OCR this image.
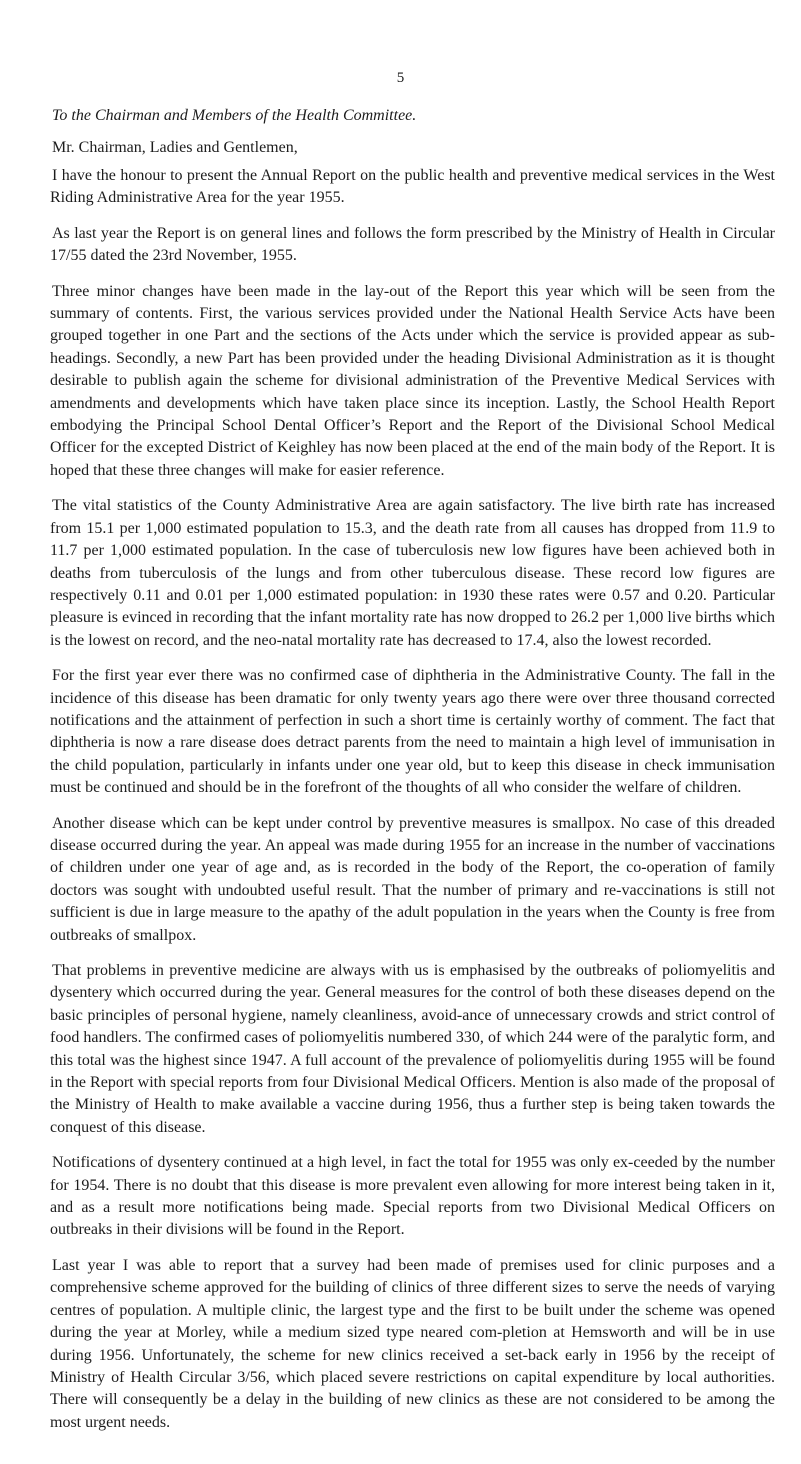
5

To the Chairman and Members of the Health Committee.

Mr. Chairman, Ladies and Gentlemen,

I have the honour to present the Annual Report on the public health and preventive medical services in the West Riding Administrative Area for the year 1955.

As last year the Report is on general lines and follows the form prescribed by the Ministry of Health in Circular 17/55 dated the 23rd November, 1955.

Three minor changes have been made in the lay-out of the Report this year which will be seen from the summary of contents. First, the various services provided under the National Health Service Acts have been grouped together in one Part and the sections of the Acts under which the service is provided appear as sub-headings. Secondly, a new Part has been provided under the heading Divisional Administration as it is thought desirable to publish again the scheme for divisional administration of the Preventive Medical Services with amendments and developments which have taken place since its inception. Lastly, the School Health Report embodying the Principal School Dental Officer’s Report and the Report of the Divisional School Medical Officer for the excepted District of Keighley has now been placed at the end of the main body of the Report. It is hoped that these three changes will make for easier reference.

The vital statistics of the County Administrative Area are again satisfactory. The live birth rate has increased from 15.1 per 1,000 estimated population to 15.3, and the death rate from all causes has dropped from 11.9 to 11.7 per 1,000 estimated population. In the case of tuberculosis new low figures have been achieved both in deaths from tuberculosis of the lungs and from other tuberculous disease. These record low figures are respectively 0.11 and 0.01 per 1,000 estimated population: in 1930 these rates were 0.57 and 0.20. Particular pleasure is evinced in recording that the infant mortality rate has now dropped to 26.2 per 1,000 live births which is the lowest on record, and the neo-natal mortality rate has decreased to 17.4, also the lowest recorded.

For the first year ever there was no confirmed case of diphtheria in the Administrative County. The fall in the incidence of this disease has been dramatic for only twenty years ago there were over three thousand corrected notifications and the attainment of perfection in such a short time is certainly worthy of comment. The fact that diphtheria is now a rare disease does detract parents from the need to maintain a high level of immunisation in the child population, particularly in infants under one year old, but to keep this disease in check immunisation must be continued and should be in the forefront of the thoughts of all who consider the welfare of children.

Another disease which can be kept under control by preventive measures is smallpox. No case of this dreaded disease occurred during the year. An appeal was made during 1955 for an increase in the number of vaccinations of children under one year of age and, as is recorded in the body of the Report, the co-operation of family doctors was sought with undoubted useful result. That the number of primary and re-vaccinations is still not sufficient is due in large measure to the apathy of the adult population in the years when the County is free from outbreaks of smallpox.

That problems in preventive medicine are always with us is emphasised by the outbreaks of poliomyelitis and dysentery which occurred during the year. General measures for the control of both these diseases depend on the basic principles of personal hygiene, namely cleanliness, avoid-ance of unnecessary crowds and strict control of food handlers. The confirmed cases of poliomyelitis numbered 330, of which 244 were of the paralytic form, and this total was the highest since 1947. A full account of the prevalence of poliomyelitis during 1955 will be found in the Report with special reports from four Divisional Medical Officers. Mention is also made of the proposal of the Ministry of Health to make available a vaccine during 1956, thus a further step is being taken towards the conquest of this disease.

Notifications of dysentery continued at a high level, in fact the total for 1955 was only ex-ceeded by the number for 1954. There is no doubt that this disease is more prevalent even allowing for more interest being taken in it, and as a result more notifications being made. Special reports from two Divisional Medical Officers on outbreaks in their divisions will be found in the Report.

Last year I was able to report that a survey had been made of premises used for clinic purposes and a comprehensive scheme approved for the building of clinics of three different sizes to serve the needs of varying centres of population. A multiple clinic, the largest type and the first to be built under the scheme was opened during the year at Morley, while a medium sized type neared com-pletion at Hemsworth and will be in use during 1956. Unfortunately, the scheme for new clinics received a set-back early in 1956 by the receipt of Ministry of Health Circular 3/56, which placed severe restrictions on capital expenditure by local authorities. There will consequently be a delay in the building of new clinics as these are not considered to be among the most urgent needs.
